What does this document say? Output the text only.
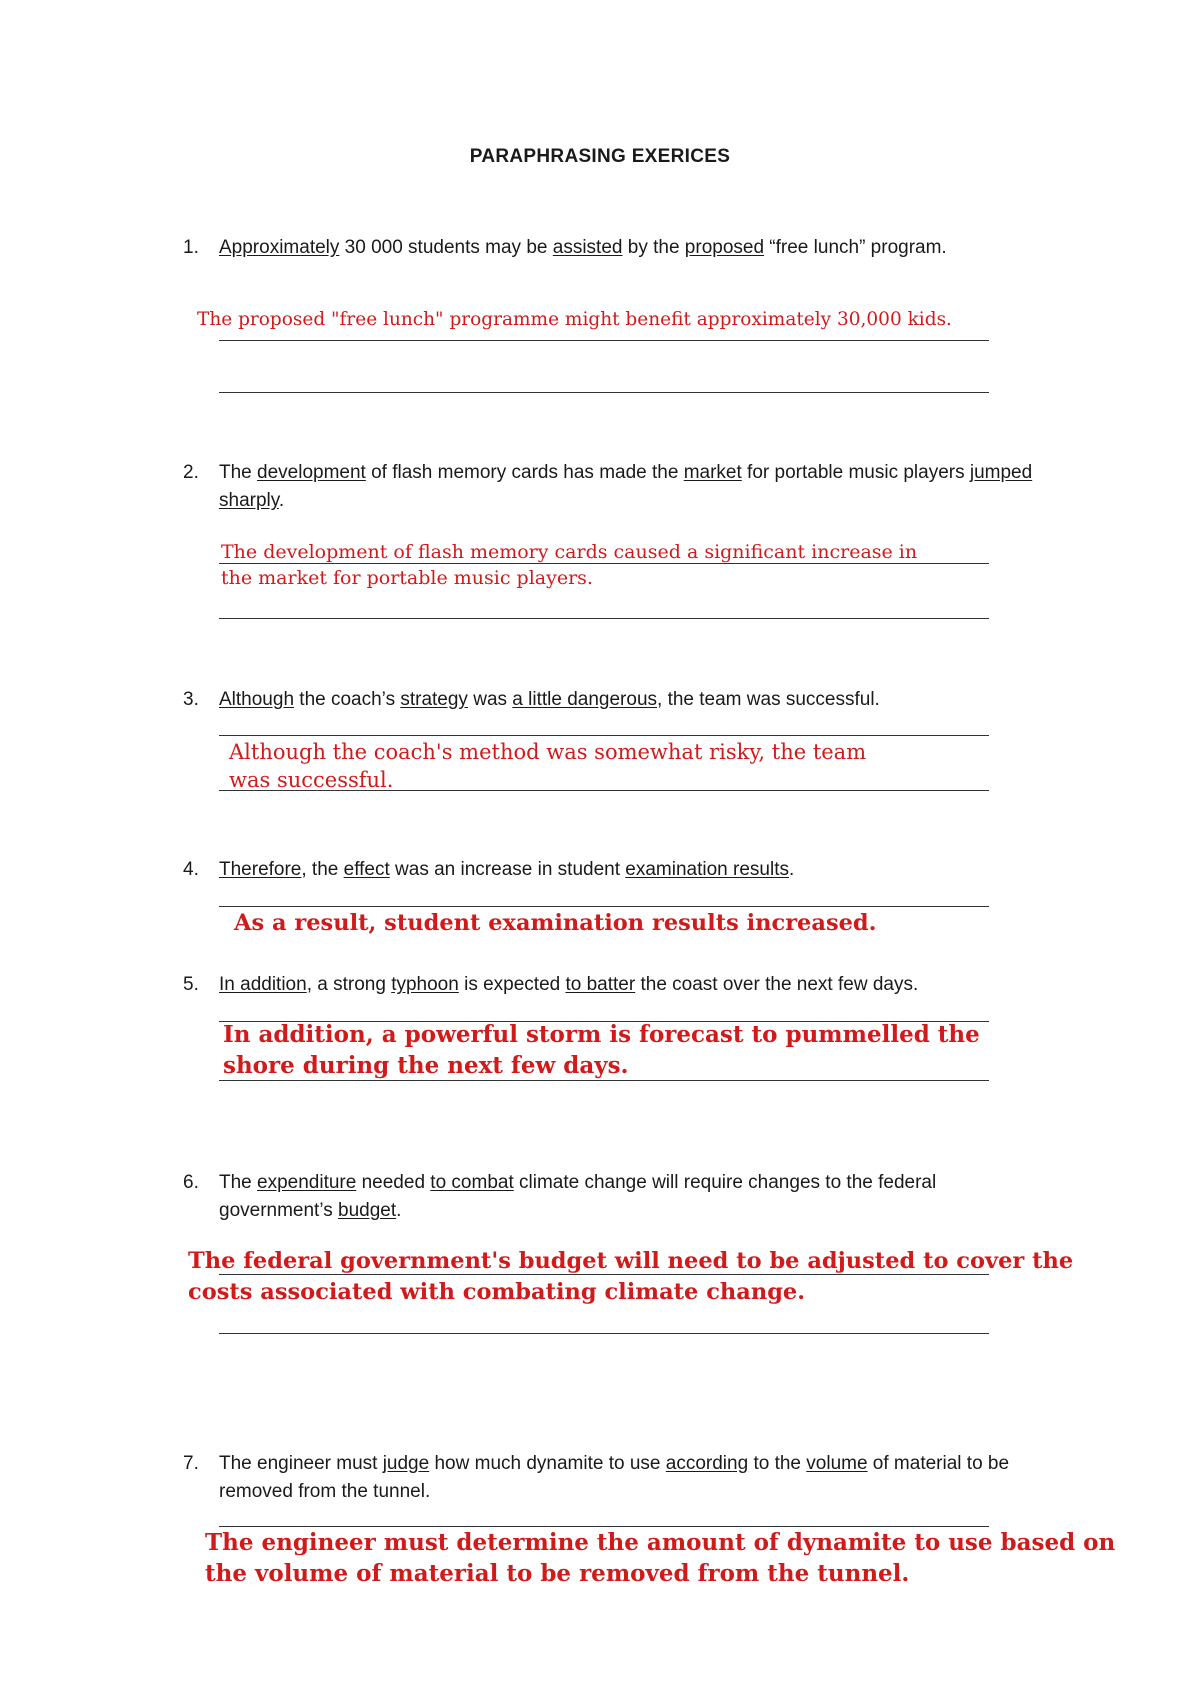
PARAPHRASING EXERICES
1. Approximately 30 000 students may be assisted by the proposed “free lunch” program.
The proposed "free lunch" programme might benefit approximately 30,000 kids.
2. The development of flash memory cards has made the market for portable music players jumped sharply.
The development of flash memory cards caused a significant increase in
the market for portable music players.
3. Although the coach’s strategy was a little dangerous, the team was successful.
Although the coach's method was somewhat risky, the team
was successful.
4. Therefore, the effect was an increase in student examination results.
As a result, student examination results increased.
5. In addition, a strong typhoon is expected to batter the coast over the next few days.
In addition, a powerful storm is forecast to pummelled the
shore during the next few days.
6. The expenditure needed to combat climate change will require changes to the federal government’s budget.
The federal government's budget will need to be adjusted to cover the
costs associated with combating climate change.
7. The engineer must judge how much dynamite to use according to the volume of material to be removed from the tunnel.
The engineer must determine the amount of dynamite to use based on
the volume of material to be removed from the tunnel.
